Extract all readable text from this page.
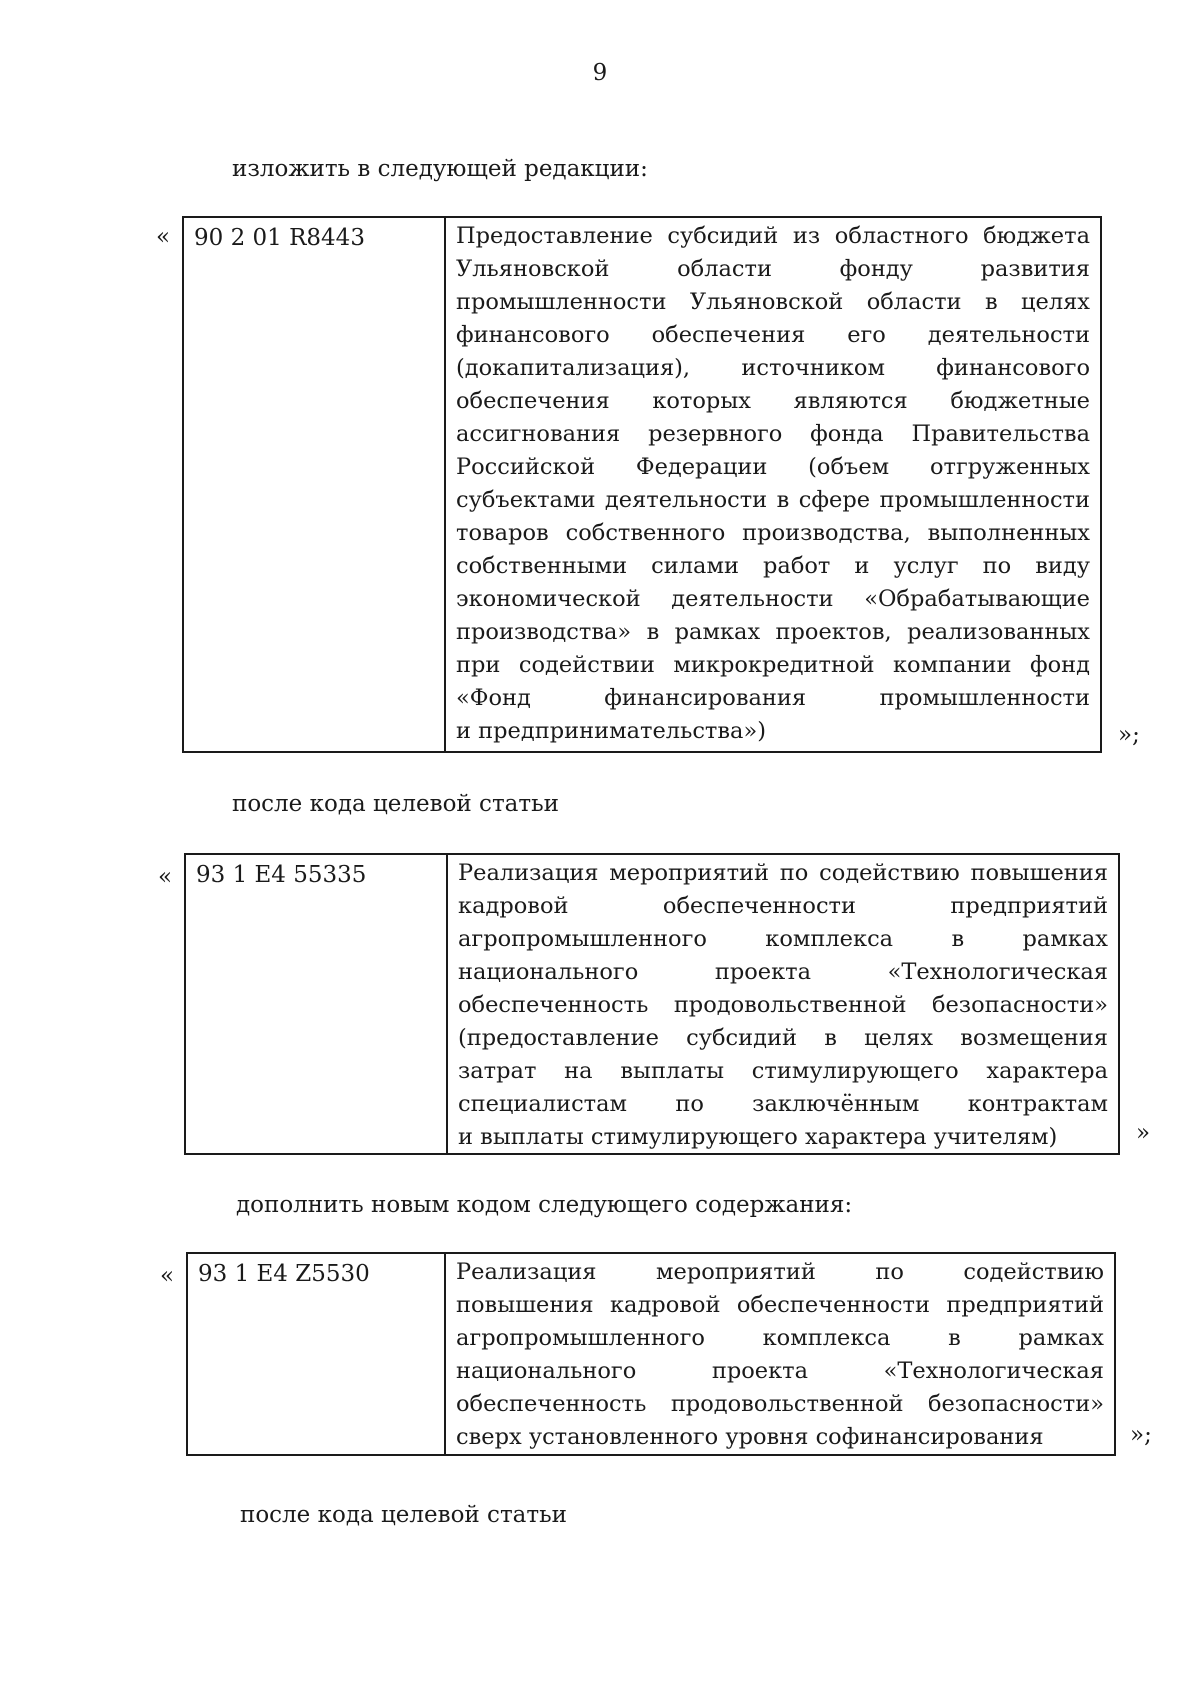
9
изложить в следующей редакции:
«	90 2 01 R8443	Предоставление субсидий из областного бюджета
Ульяновской области фонду развития
промышленности Ульяновской области в целях
финансового обеспечения его деятельности
(докапитализация), источником финансового
обеспечения которых являются бюджетные
ассигнования резервного фонда Правительства
Российской Федерации (объем отгруженных
субъектами деятельности в сфере промышленности
товаров собственного производства, выполненных
собственными силами работ и услуг по виду
экономической деятельности «Обрабатывающие
производства» в рамках проектов, реализованных
при содействии микрокредитной компании фонд
«Фонд финансирования промышленности
и предпринимательства»)	»;
после кода целевой статьи
«	93 1 E4 55335	Реализация мероприятий по содействию повышения
кадровой обеспеченности предприятий
агропромышленного комплекса в рамках
национального проекта «Технологическая
обеспеченность продовольственной безопасности»
(предоставление субсидий в целях возмещения
затрат на выплаты стимулирующего характера
специалистам по заключённым контрактам
и выплаты стимулирующего характера учителям)	»
дополнить новым кодом следующего содержания:
«	93 1 E4 Z5530	Реализация мероприятий по содействию
повышения кадровой обеспеченности предприятий
агропромышленного комплекса в рамках
национального проекта «Технологическая
обеспеченность продовольственной безопасности»
сверх установленного уровня софинансирования	»;
после кода целевой статьи
